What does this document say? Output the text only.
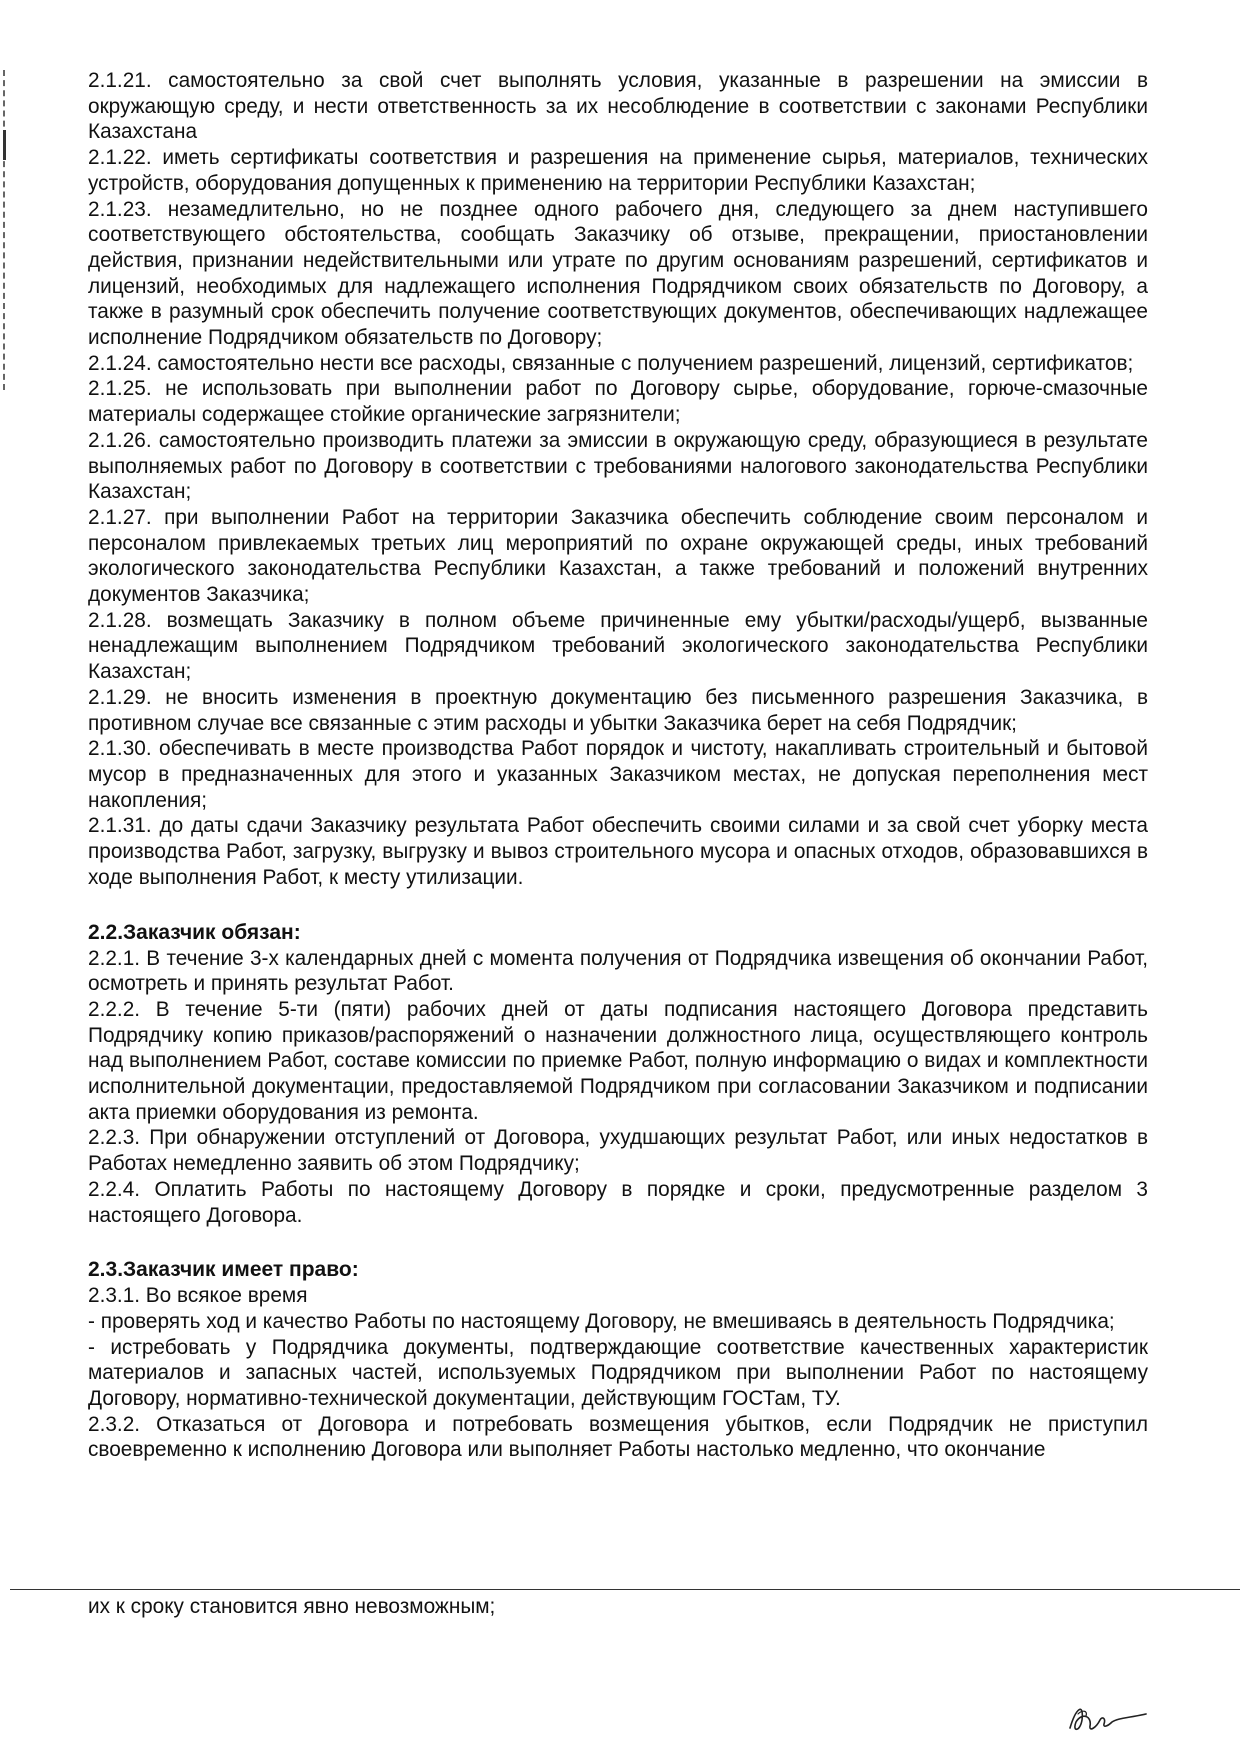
2.1.21. самостоятельно за свой счет выполнять условия, указанные в разрешении на эмиссии в окружающую среду, и нести ответственность за их несоблюдение в соответствии с законами Республики Казахстана

2.1.22. иметь сертификаты соответствия и разрешения на применение сырья, материалов, технических устройств, оборудования допущенных к применению на территории Республики Казахстан;

2.1.23. незамедлительно, но не позднее одного рабочего дня, следующего за днем наступившего соответствующего обстоятельства, сообщать Заказчику об отзыве, прекращении, приостановлении действия, признании недействительными или утрате по другим основаниям разрешений, сертификатов и лицензий, необходимых для надлежащего исполнения Подрядчиком своих обязательств по Договору, а также в разумный срок обеспечить получение соответствующих документов, обеспечивающих надлежащее исполнение Подрядчиком обязательств по Договору;

2.1.24. самостоятельно нести все расходы, связанные с получением разрешений, лицензий, сертификатов;

2.1.25. не использовать при выполнении работ по Договору сырье, оборудование, горюче-смазочные материалы содержащее стойкие органические загрязнители;

2.1.26. самостоятельно производить платежи за эмиссии в окружающую среду, образующиеся в результате выполняемых работ по Договору в соответствии с требованиями налогового законодательства Республики Казахстан;

2.1.27. при выполнении Работ на территории Заказчика обеспечить соблюдение своим персоналом и персоналом привлекаемых третьих лиц мероприятий по охране окружающей среды, иных требований экологического законодательства Республики Казахстан, а также требований и положений внутренних документов Заказчика;

2.1.28. возмещать Заказчику в полном объеме причиненные ему убытки/расходы/ущерб, вызванные ненадлежащим выполнением Подрядчиком требований экологического законодательства Республики Казахстан;

2.1.29. не вносить изменения в проектную документацию без письменного разрешения Заказчика, в противном случае все связанные с этим расходы и убытки Заказчика берет на себя Подрядчик;

2.1.30. обеспечивать в месте производства Работ порядок и чистоту, накапливать строительный и бытовой мусор в предназначенных для этого и указанных Заказчиком местах, не допуская переполнения мест накопления;

2.1.31. до даты сдачи Заказчику результата Работ обеспечить своими силами и за свой счет уборку места производства Работ, загрузку, выгрузку и вывоз строительного мусора и опасных отходов, образовавшихся в ходе выполнения Работ, к месту утилизации.

2.2.Заказчик обязан:

2.2.1. В течение 3-х календарных дней с момента получения от Подрядчика извещения об окончании Работ, осмотреть и принять результат Работ.

2.2.2. В течение 5-ти (пяти) рабочих дней от даты подписания настоящего Договора представить Подрядчику копию приказов/распоряжений о назначении должностного лица, осуществляющего контроль над выполнением Работ, составе комиссии по приемке Работ, полную информацию о видах и комплектности исполнительной документации, предоставляемой Подрядчиком при согласовании Заказчиком и подписании акта приемки оборудования из ремонта.

2.2.3. При обнаружении отступлений от Договора, ухудшающих результат Работ, или иных недостатков в Работах немедленно заявить об этом Подрядчику;

2.2.4. Оплатить Работы по настоящему Договору в порядке и сроки, предусмотренные разделом 3 настоящего Договора.

2.3.Заказчик имеет право:

2.3.1. Во всякое время

- проверять ход и качество Работы по настоящему Договору, не вмешиваясь в деятельность Подрядчика;

- истребовать у Подрядчика документы, подтверждающие соответствие качественных характеристик материалов и запасных частей, используемых Подрядчиком при выполнении Работ по настоящему Договору, нормативно-технической документации, действующим ГОСТам, ТУ.

2.3.2. Отказаться от Договора и потребовать возмещения убытков, если Подрядчик не приступил своевременно к исполнению Договора или выполняет Работы настолько медленно, что окончание

их к сроку становится явно невозможным;
